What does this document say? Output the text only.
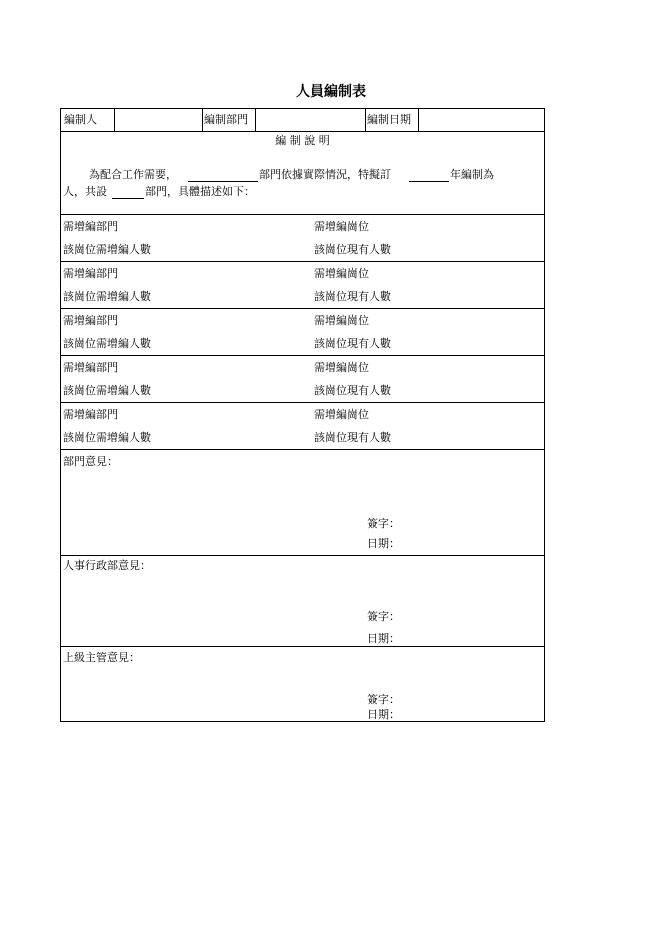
人員編制表
編制人	編制部門	編制日期
編 制 說 明
為配合工作需要，	部門依據實際情況，特擬訂	年編制為
人，共設	部門，具體描述如下：
需增編部門	需增編崗位
該崗位需增編人數	該崗位現有人數
需增編部門	需增編崗位
該崗位需增編人數	該崗位現有人數
需增編部門	需增編崗位
該崗位需增編人數	該崗位現有人數
需增編部門	需增編崗位
該崗位需增編人數	該崗位現有人數
需增編部門	需增編崗位
該崗位需增編人數	該崗位現有人數
部門意見：
簽字：
日期：
人事行政部意見：
簽字：
日期：
上級主管意見：
簽字：
日期：
